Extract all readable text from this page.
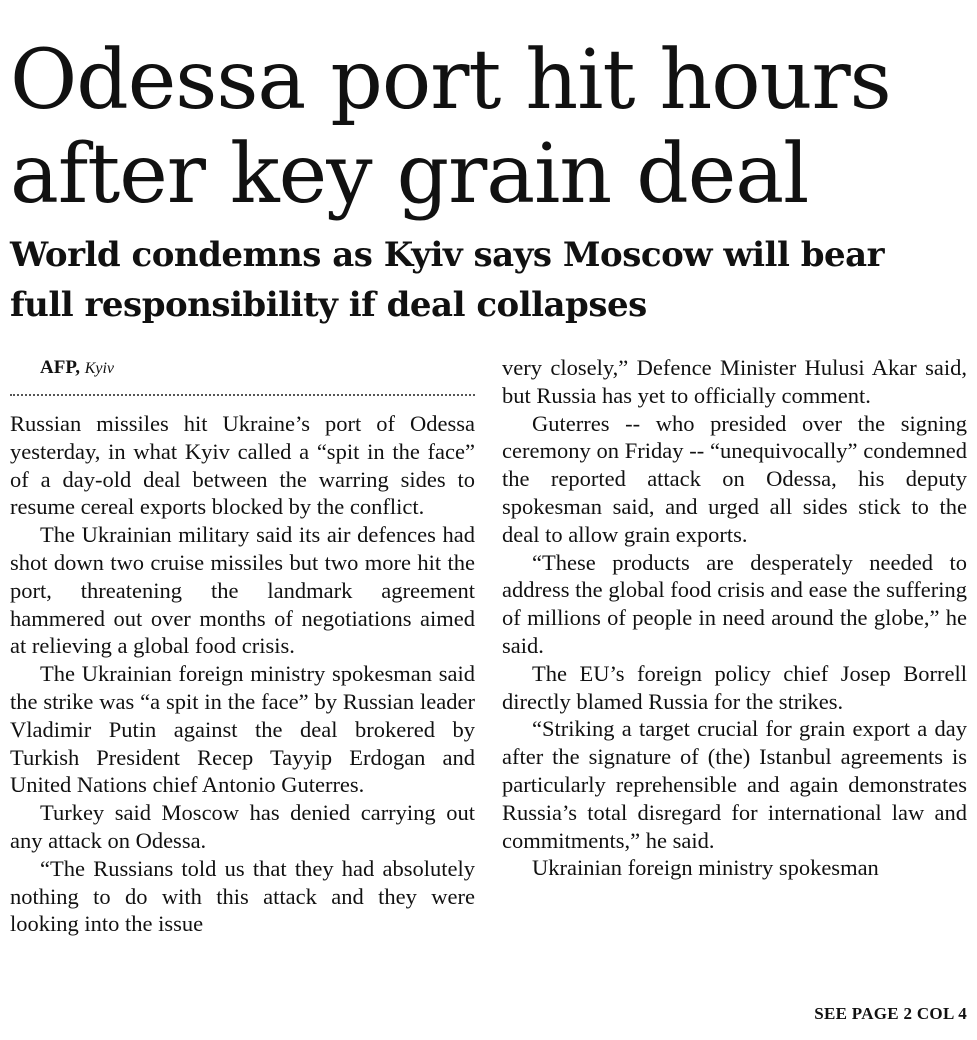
Odessa port hit hours
after key grain deal
World condemns as Kyiv says Moscow will bear
full responsibility if deal collapses

AFP, Kyiv

Russian missiles hit Ukraine’s port of Odessa yesterday, in what Kyiv called a “spit in the face” of a day-old deal between the warring sides to resume cereal exports blocked by the conflict.

The Ukrainian military said its air defences had shot down two cruise missiles but two more hit the port, threatening the landmark agreement hammered out over months of negotiations aimed at relieving a global food crisis.

The Ukrainian foreign ministry spokesman said the strike was “a spit in the face” by Russian leader Vladimir Putin against the deal brokered by Turkish President Recep Tayyip Erdogan and United Nations chief Antonio Guterres.

Turkey said Moscow has denied carrying out any attack on Odessa.

“The Russians told us that they had absolutely nothing to do with this attack and they were looking into the issue

very closely,” Defence Minister Hulusi Akar said, but Russia has yet to officially comment.

Guterres -- who presided over the signing ceremony on Friday -- “unequivocally” condemned the reported attack on Odessa, his deputy spokesman said, and urged all sides stick to the deal to allow grain exports.

“These products are desperately needed to address the global food crisis and ease the suffering of millions of people in need around the globe,” he said.

The EU’s foreign policy chief Josep Borrell directly blamed Russia for the strikes.

“Striking a target crucial for grain export a day after the signature of (the) Istanbul agreements is particularly reprehensible and again demonstrates Russia’s total disregard for international law and commitments,” he said.

Ukrainian foreign ministry spokesman

SEE PAGE 2 COL 4
